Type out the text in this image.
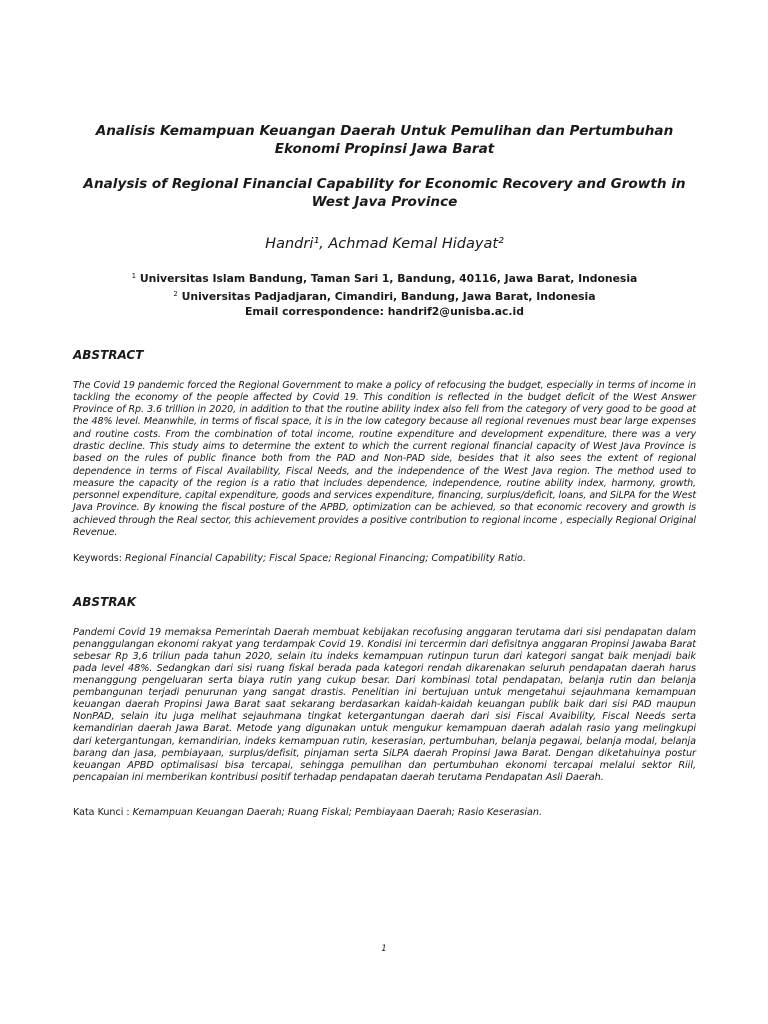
Analisis Kemampuan Keuangan Daerah Untuk Pemulihan dan Pertumbuhan Ekonomi Propinsi Jawa Barat
Analysis of Regional Financial Capability for Economic Recovery and Growth in West Java Province
Handri¹, Achmad Kemal Hidayat²
$^1$ Universitas Islam Bandung, Taman Sari 1, Bandung, 40116, Jawa Barat, Indonesia
$^2$ Universitas Padjadjaran, Cimandiri, Bandung, Jawa Barat, Indonesia
Email correspondence: handrif2@unisba.ac.id
ABSTRACT
The Covid 19 pandemic forced the Regional Government to make a policy of refocusing the budget, especially in terms of income in tackling the economy of the people affected by Covid 19. This condition is reflected in the budget deficit of the West Answer Province of Rp. 3.6 trillion in 2020, in addition to that the routine ability index also fell from the category of very good to be good at the 48% level. Meanwhile, in terms of fiscal space, it is in the low category because all regional revenues must bear large expenses and routine costs. From the combination of total income, routine expenditure and development expenditure, there was a very drastic decline. This study aims to determine the extent to which the current regional financial capacity of West Java Province is based on the rules of public finance both from the PAD and Non-PAD side, besides that it also sees the extent of regional dependence in terms of Fiscal Availability, Fiscal Needs, and the independence of the West Java region. The method used to measure the capacity of the region is a ratio that includes dependence, independence, routine ability index, harmony, growth, personnel expenditure, capital expenditure, goods and services expenditure, financing, surplus/deficit, loans, and SiLPA for the West Java Province. By knowing the fiscal posture of the APBD, optimization can be achieved, so that economic recovery and growth is achieved through the Real sector, this achievement provides a positive contribution to regional income , especially Regional Original Revenue.
Keywords: Regional Financial Capability; Fiscal Space; Regional Financing; Compatibility Ratio.
ABSTRAK
Pandemi Covid 19 memaksa Pemerintah Daerah membuat kebijakan recofusing anggaran terutama dari sisi pendapatan dalam penanggulangan ekonomi rakyat yang terdampak Covid 19. Kondisi ini tercermin dari defisitnya anggaran Propinsi Jawaba Barat sebesar Rp 3,6 triliun pada tahun 2020, selain itu indeks kemampuan rutinpun turun dari kategori sangat baik menjadi baik pada level 48%. Sedangkan dari sisi ruang fiskal berada pada kategori rendah dikarenakan seluruh pendapatan daerah harus menanggung pengeluaran serta biaya rutin yang cukup besar. Dari kombinasi total pendapatan, belanja rutin dan belanja pembangunan terjadi penurunan yang sangat drastis. Penelitian ini bertujuan untuk mengetahui sejauhmana kemampuan keuangan daerah Propinsi Jawa Barat saat sekarang berdasarkan kaidah-kaidah keuangan publik baik dari sisi PAD maupun NonPAD, selain itu juga melihat sejauhmana tingkat ketergantungan daerah dari sisi Fiscal Avaibility, Fiscal Needs serta kemandirian daerah Jawa Barat. Metode yang digunakan untuk mengukur kemampuan daerah adalah rasio yang melingkupi dari ketergantungan, kemandirian, indeks kemampuan rutin, keserasian, pertumbuhan, belanja pegawai, belanja modal, belanja barang dan jasa, pembiayaan, surplus/defisit, pinjaman serta SiLPA daerah Propinsi Jawa Barat. Dengan diketahuinya postur keuangan APBD optimalisasi bisa tercapai, sehingga pemulihan dan pertumbuhan ekonomi tercapai melalui sektor Riil, pencapaian ini memberikan kontribusi positif terhadap pendapatan daerah terutama Pendapatan Asli Daerah.
Kata Kunci : Kemampuan Keuangan Daerah; Ruang Fiskal; Pembiayaan Daerah; Rasio Keserasian.
1
